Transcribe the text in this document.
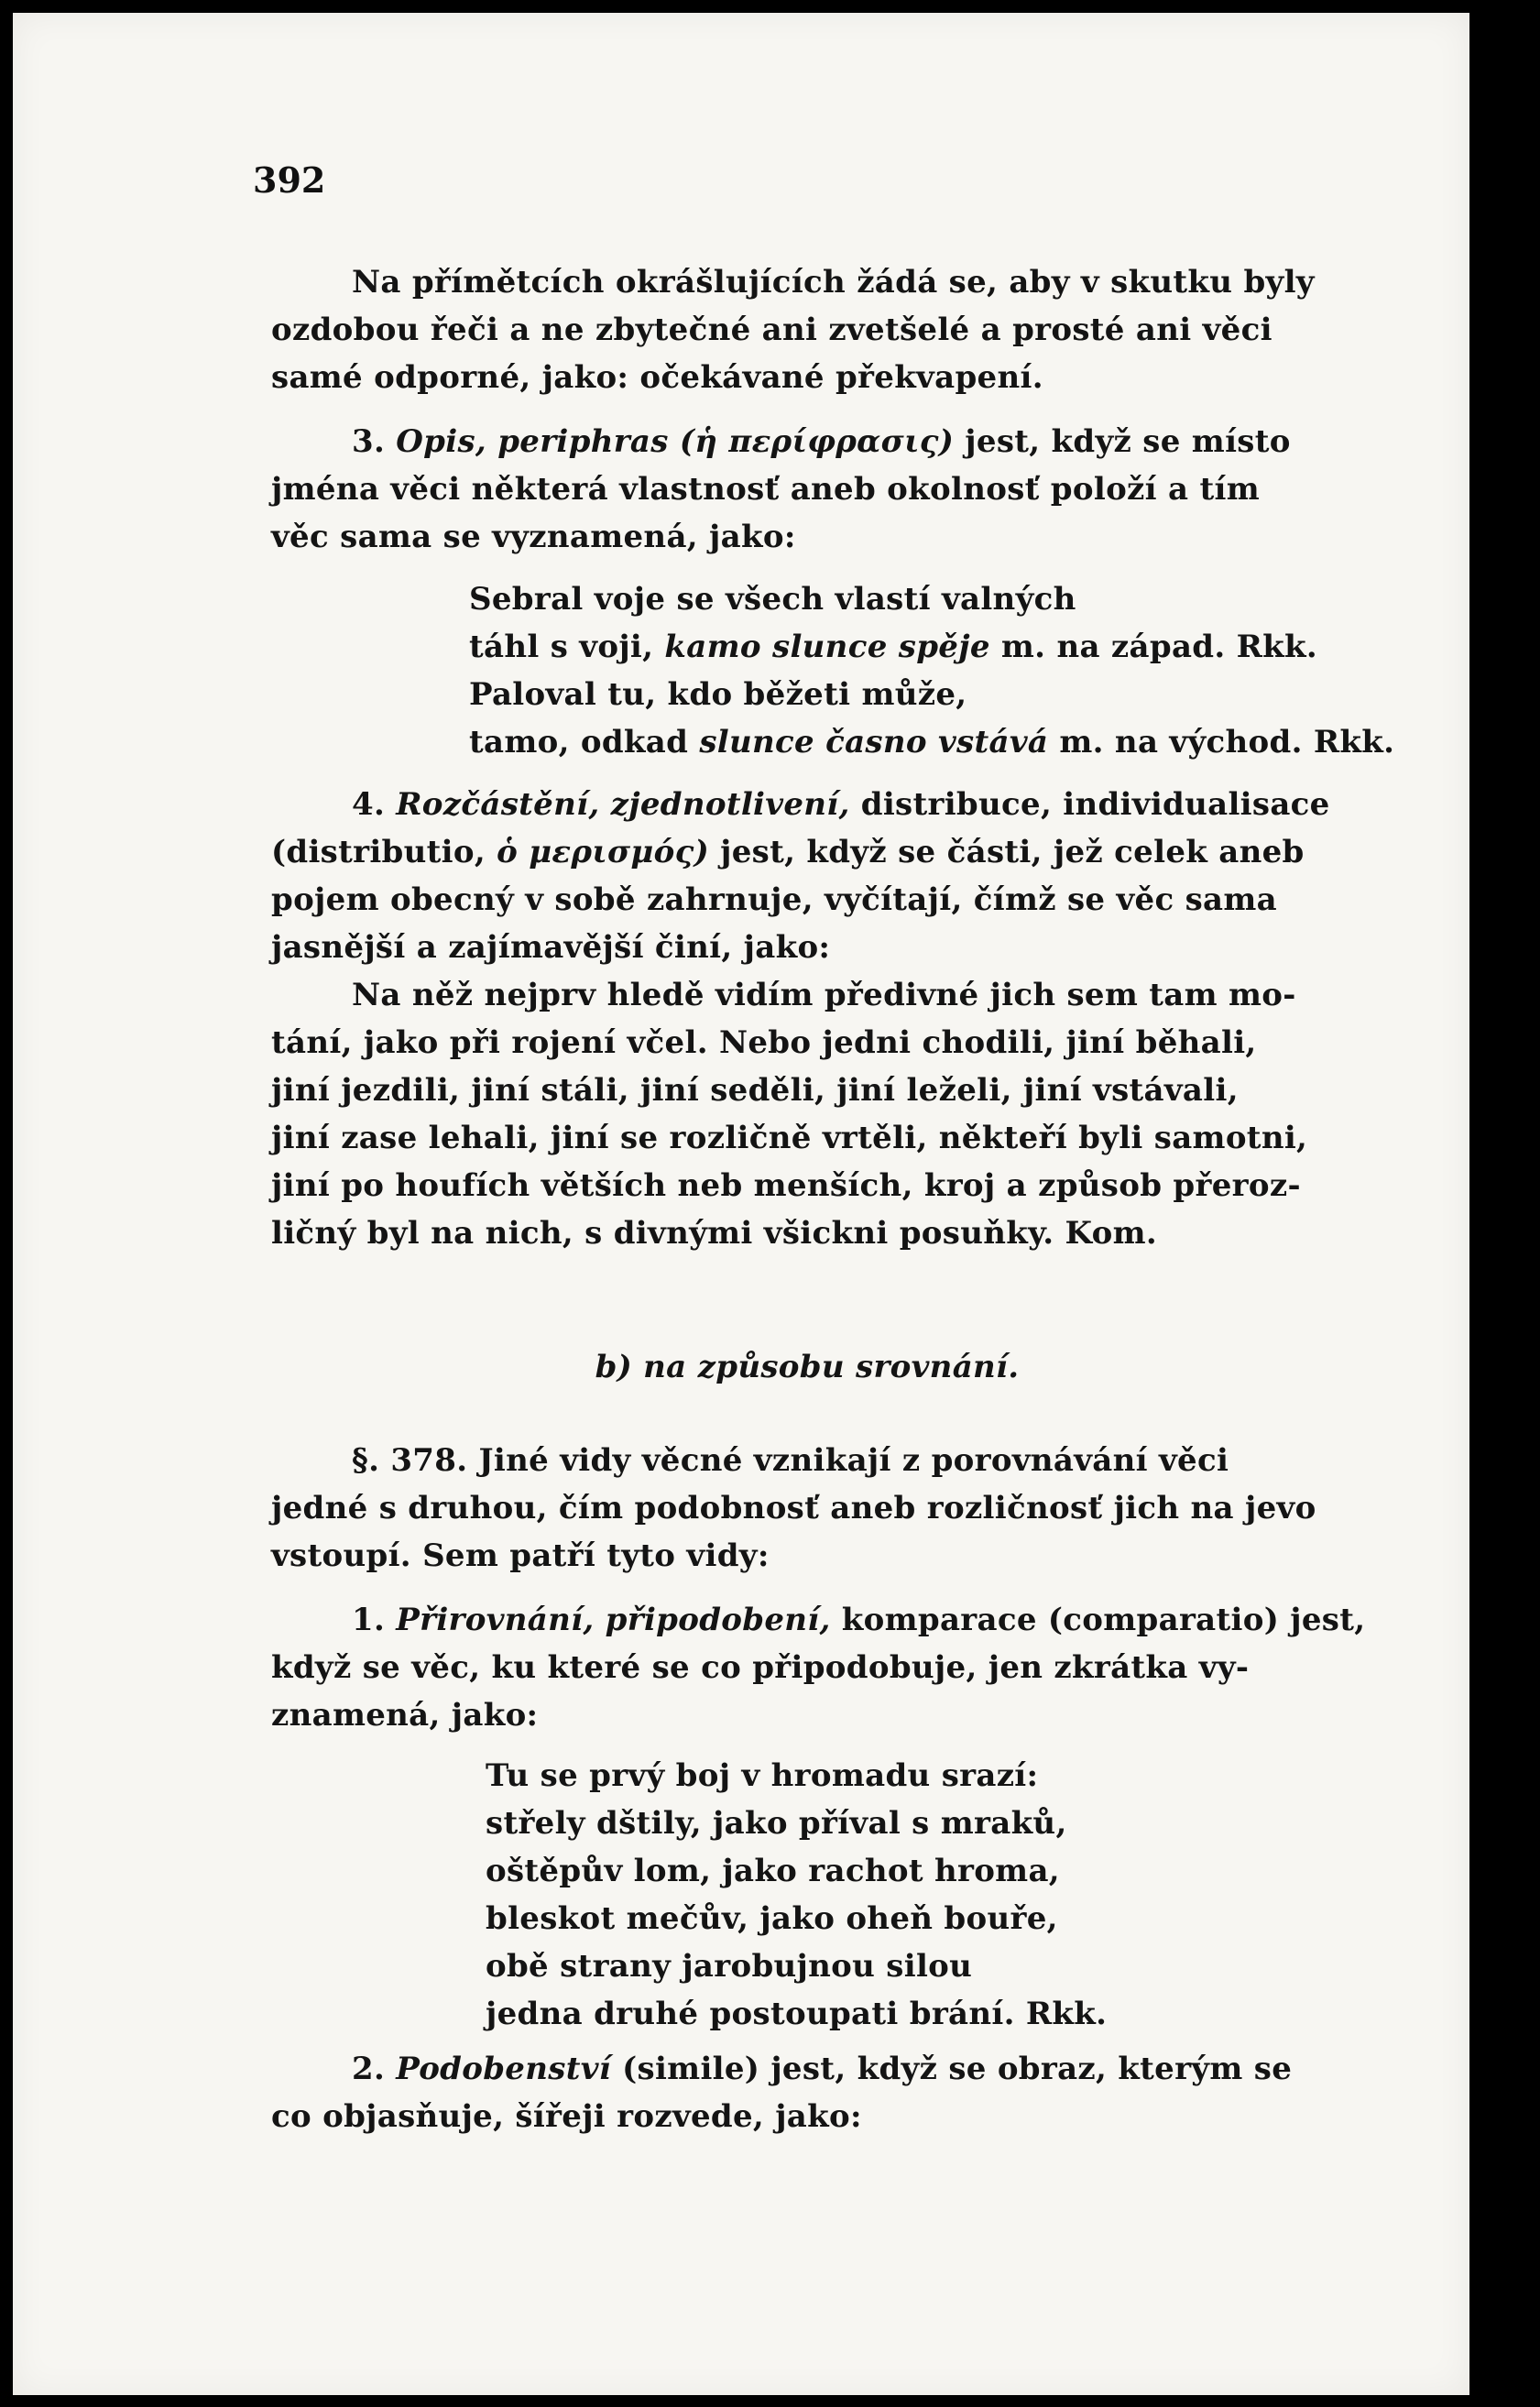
392

Na přímětcích okrášlujících žádá se, aby v skutku byly

ozdobou řeči a ne zbytečné ani zvetšelé a prosté ani věci

samé odporné, jako: očekávané překvapení.

3. Opis, periphras (ἡ περίφρασις) jest, když se místo

jména věci některá vlastnosť aneb okolnosť položí a tím

věc sama se vyznamená, jako:

Sebral voje se všech vlastí valných
táhl s voji, kamo slunce spěje m. na západ. Rkk.
Paloval tu, kdo běžeti může,
tamo, odkad slunce časno vstává m. na východ. Rkk.

4. Rozčástění, zjednotlivení, distribuce, individualisace

(distributio, ὁ μερισμός) jest, když se části, jež celek aneb

pojem obecný v sobě zahrnuje, vyčítají, čímž se věc sama

jasnější a zajímavější činí, jako:

Na něž nejprv hledě vidím předivné jich sem tam mo-

tání, jako při rojení včel. Nebo jedni chodili, jiní běhali,

jiní jezdili, jiní stáli, jiní seděli, jiní leželi, jiní vstávali,

jiní zase lehali, jiní se rozličně vrtěli, někteří byli samotni,

jiní po houfích větších neb menších, kroj a způsob přeroz-

ličný byl na nich, s divnými všickni posuňky. Kom.

b) na způsobu srovnání.

§. 378. Jiné vidy věcné vznikají z porovnávání věci

jedné s druhou, čím podobnosť aneb rozličnosť jich na jevo

vstoupí. Sem patří tyto vidy:

1. Přirovnání, připodobení, komparace (comparatio) jest,

když se věc, ku které se co připodobuje, jen zkrátka vy-

znamená, jako:

Tu se prvý boj v hromadu srazí:
střely dštily, jako příval s mraků,
oštěpův lom, jako rachot hroma,
bleskot mečův, jako oheň bouře,
obě strany jarobujnou silou
jedna druhé postoupati brání. Rkk.

2. Podobenství (simile) jest, když se obraz, kterým se

co objasňuje, šířeji rozvede, jako:
